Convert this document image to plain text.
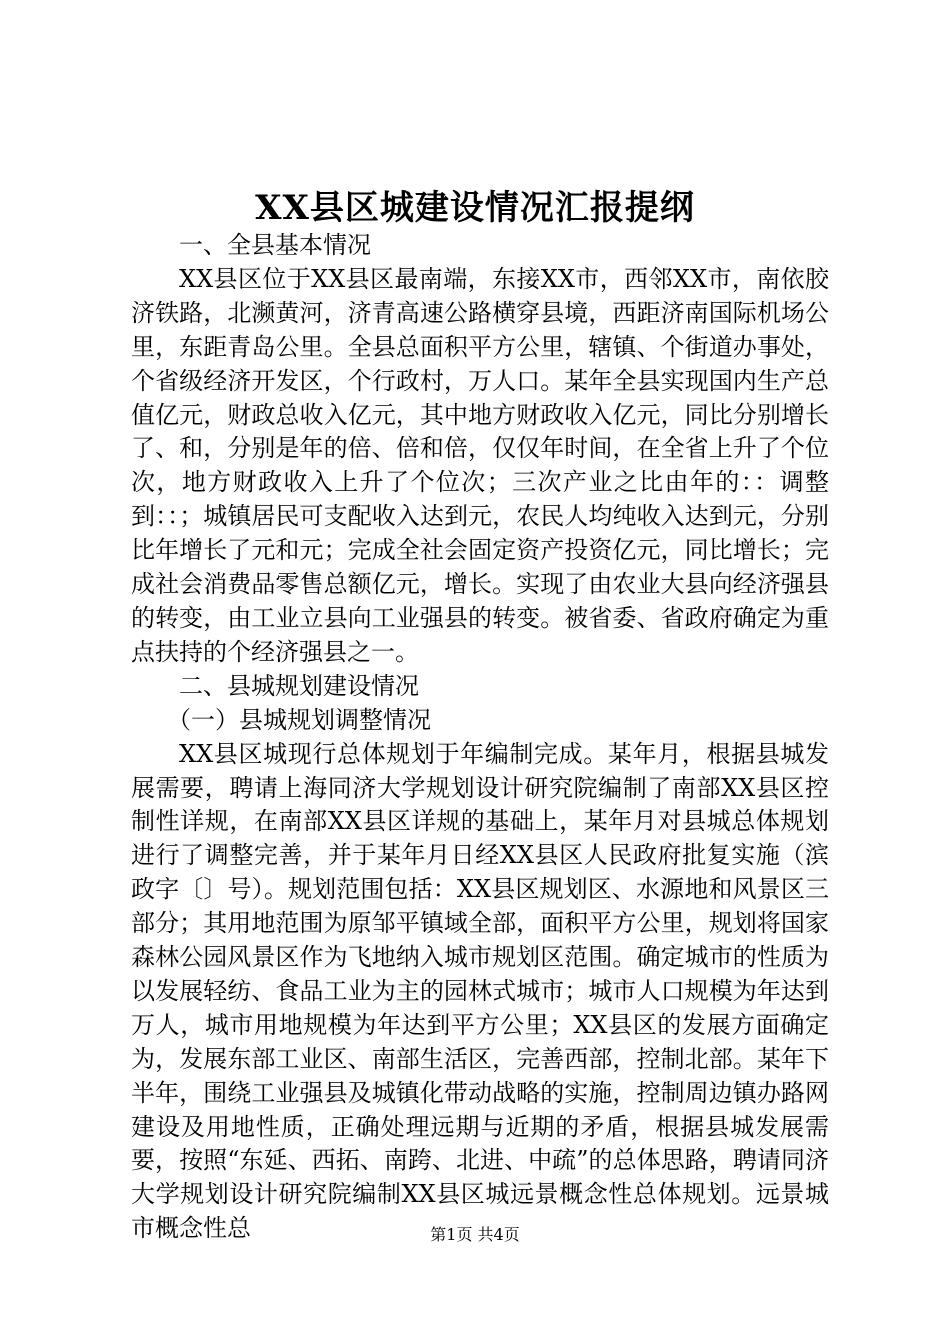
XX县区城建设情况汇报提纲

一、全县基本情况

XX县区位于XX县区最南端，东接XX市，西邻XX市，南依胶济铁路，北濒黄河，济青高速公路横穿县境，西距济南国际机场公里，东距青岛公里。全县总面积平方公里，辖镇、个街道办事处，个省级经济开发区，个行政村，万人口。某年全县实现国内生产总值亿元，财政总收入亿元，其中地方财政收入亿元，同比分别增长了、和，分别是年的倍、倍和倍，仅仅年时间，在全省上升了个位次，地方财政收入上升了个位次；三次产业之比由年的：：调整到：：；城镇居民可支配收入达到元，农民人均纯收入达到元，分别比年增长了元和元；完成全社会固定资产投资亿元，同比增长；完成社会消费品零售总额亿元，增长。实现了由农业大县向经济强县的转变，由工业立县向工业强县的转变。被省委、省政府确定为重点扶持的个经济强县之一。

二、县城规划建设情况

（一）县城规划调整情况

XX县区城现行总体规划于年编制完成。某年月，根据县城发展需要，聘请上海同济大学规划设计研究院编制了南部XX县区控制性详规，在南部XX县区详规的基础上，某年月对县城总体规划进行了调整完善，并于某年月日经XX县区人民政府批复实施（滨政字〔〕号）。规划范围包括：XX县区规划区、水源地和风景区三部分；其用地范围为原邹平镇域全部，面积平方公里，规划将国家森林公园风景区作为飞地纳入城市规划区范围。确定城市的性质为以发展轻纺、食品工业为主的园林式城市；城市人口规模为年达到万人，城市用地规模为年达到平方公里；XX县区的发展方面确定为，发展东部工业区、南部生活区，完善西部，控制北部。某年下半年，围绕工业强县及城镇化带动战略的实施，控制周边镇办路网建设及用地性质，正确处理远期与近期的矛盾，根据县城发展需要，按照“东延、西拓、南跨、北进、中疏”的总体思路，聘请同济大学规划设计研究院编制XX县区城远景概念性总体规划。远景城市概念性总	第1页 共4页
